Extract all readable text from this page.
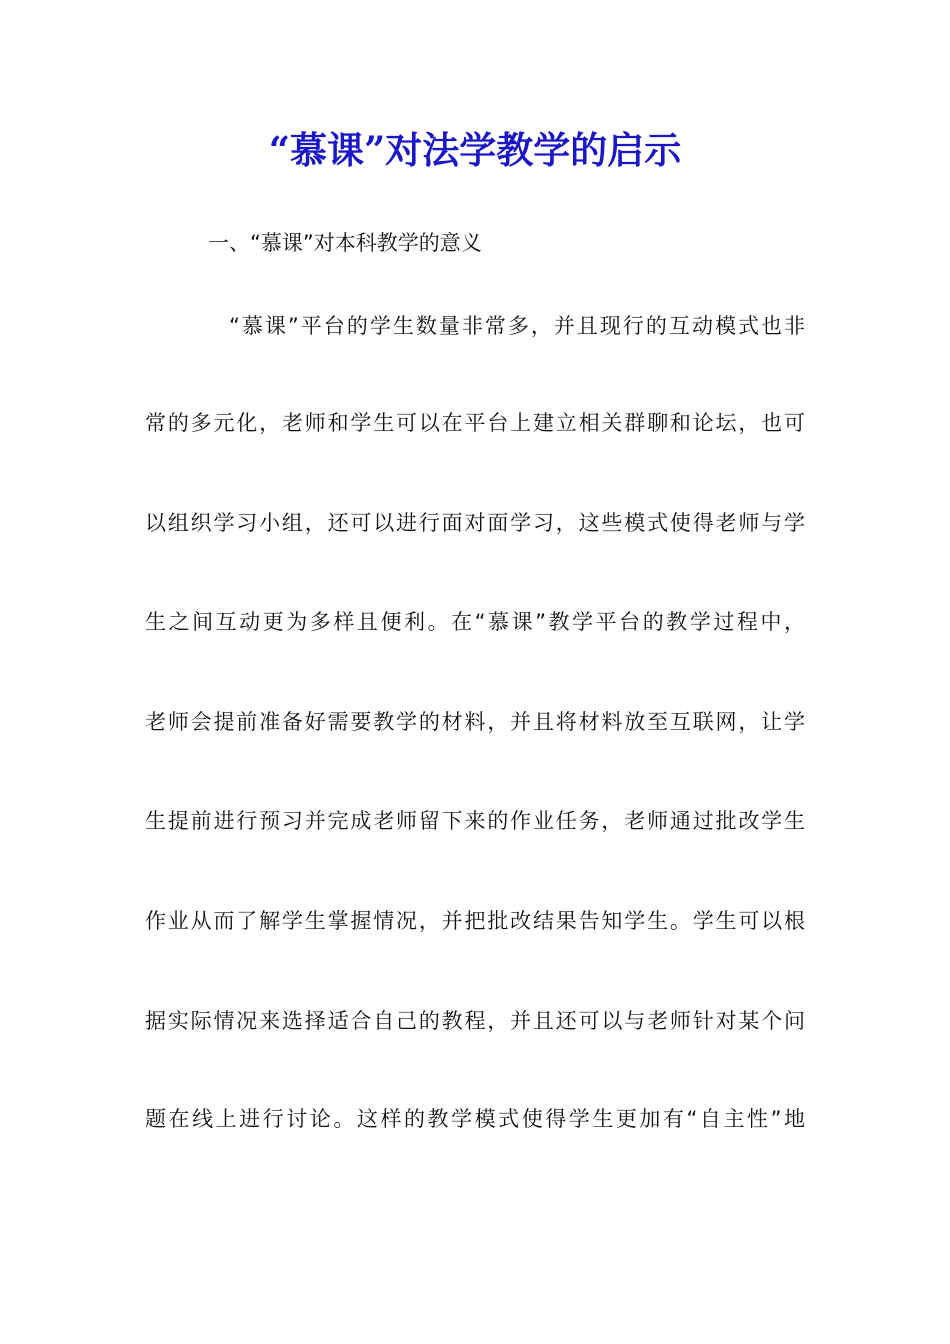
“慕课”对法学教学的启示
一、“慕课”对本科教学的意义
“慕课”平台的学生数量非常多，并且现行的互动模式也非
常的多元化，老师和学生可以在平台上建立相关群聊和论坛，也可
以组织学习小组，还可以进行面对面学习，这些模式使得老师与学
生之间互动更为多样且便利。在“慕课”教学平台的教学过程中，
老师会提前准备好需要教学的材料，并且将材料放至互联网，让学
生提前进行预习并完成老师留下来的作业任务，老师通过批改学生
作业从而了解学生掌握情况，并把批改结果告知学生。学生可以根
据实际情况来选择适合自己的教程，并且还可以与老师针对某个问
题在线上进行讨论。这样的教学模式使得学生更加有“自主性”地
